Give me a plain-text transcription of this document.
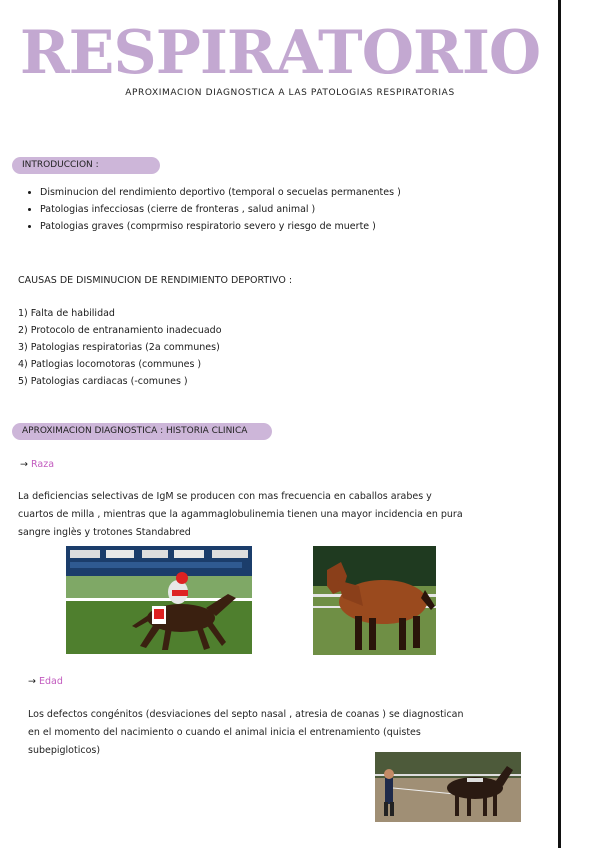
RESPIRATORIO
APROXIMACION DIAGNOSTICA A LAS PATOLOGIAS RESPIRATORIAS
INTRODUCCION :
• Disminucion del rendimiento deportivo (temporal o secuelas permanentes )
• Patologias infecciosas (cierre de fronteras , salud animal )
• Patologias graves (comprmiso respiratorio severo y riesgo de muerte )
CAUSAS DE DISMINUCION DE RENDIMIENTO DEPORTIVO :
1) Falta de habilidad
2) Protocolo de entranamiento inadecuado
3) Patologias respiratorias (2a communes)
4) Patlogias locomotoras (communes )
5) Patologias cardiacas (-comunes )
APROXIMACION DIAGNOSTICA : HISTORIA CLINICA
→ Raza
La deficiencias selectivas de IgM se producen con mas frecuencia en caballos arabes y
cuartos de milla , mientras que la agammaglobulinemia tienen una mayor incidencia en pura
sangre inglès y trotones Standabred
→ Edad
Los defectos congénitos (desviaciones del septo nasal , atresia de coanas ) se diagnostican
en el momento del nacimiento o cuando el animal inicia el entrenamiento (quistes
subepigloticos)
